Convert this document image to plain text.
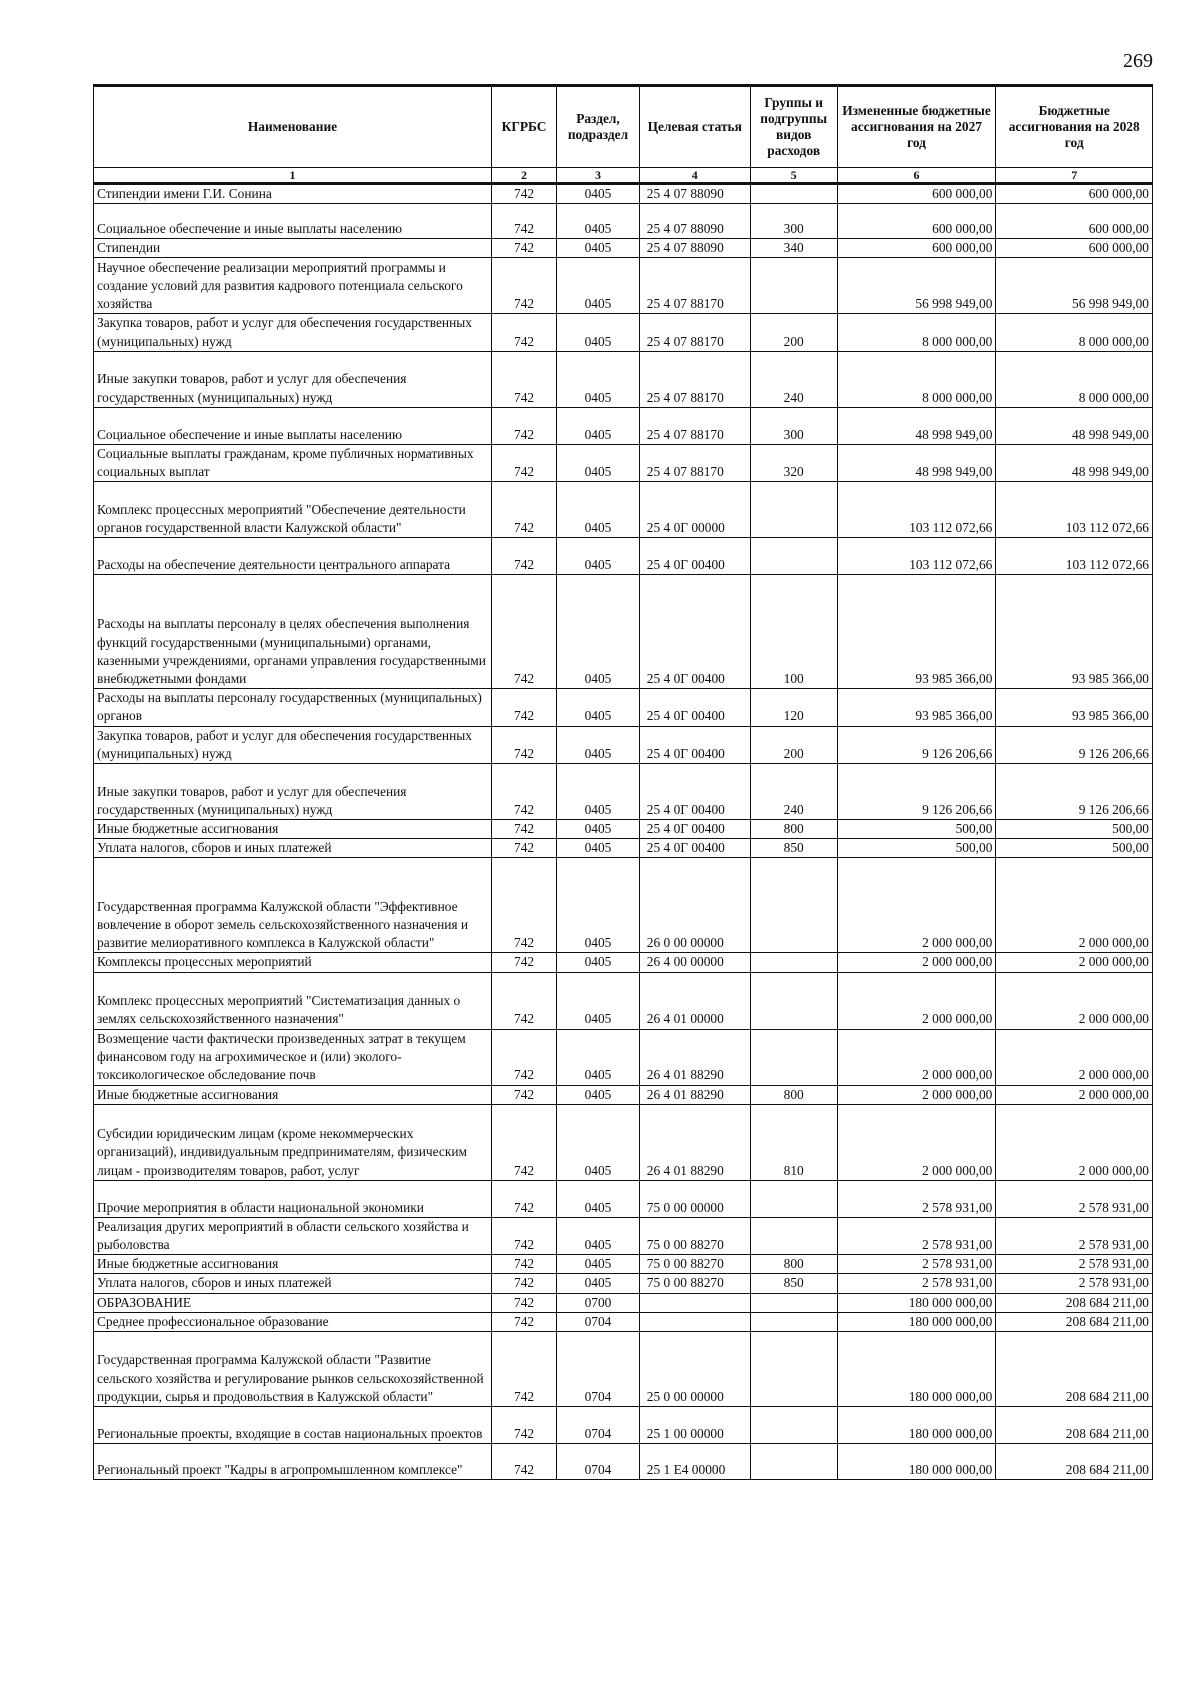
269
Наименование	КГРБС	Раздел, подраздел	Целевая статья	Группы и подгруппы видов расходов	Измененные бюджетные ассигнования на 2027 год	Бюджетные ассигнования на 2028 год
1	2	3	4	5	6	7
Стипендии имени Г.И. Сонина	742	0405	25 4 07 88090		600 000,00	600 000,00
Социальное обеспечение и иные выплаты населению	742	0405	25 4 07 88090	300	600 000,00	600 000,00
Стипендии	742	0405	25 4 07 88090	340	600 000,00	600 000,00
Научное обеспечение реализации мероприятий программы и создание условий для развития кадрового потенциала сельского хозяйства	742	0405	25 4 07 88170		56 998 949,00	56 998 949,00
Закупка товаров, работ и услуг для обеспечения государственных (муниципальных) нужд	742	0405	25 4 07 88170	200	8 000 000,00	8 000 000,00
Иные закупки товаров, работ и услуг для обеспечения государственных (муниципальных) нужд	742	0405	25 4 07 88170	240	8 000 000,00	8 000 000,00
Социальное обеспечение и иные выплаты населению	742	0405	25 4 07 88170	300	48 998 949,00	48 998 949,00
Социальные выплаты гражданам, кроме публичных нормативных социальных выплат	742	0405	25 4 07 88170	320	48 998 949,00	48 998 949,00
Комплекс процессных мероприятий "Обеспечение деятельности органов государственной власти Калужской области"	742	0405	25 4 0Г 00000		103 112 072,66	103 112 072,66
Расходы на обеспечение деятельности центрального аппарата	742	0405	25 4 0Г 00400		103 112 072,66	103 112 072,66
Расходы на выплаты персоналу в целях обеспечения выполнения функций государственными (муниципальными) органами, казенными учреждениями, органами управления государственными внебюджетными фондами	742	0405	25 4 0Г 00400	100	93 985 366,00	93 985 366,00
Расходы на выплаты персоналу государственных (муниципальных) органов	742	0405	25 4 0Г 00400	120	93 985 366,00	93 985 366,00
Закупка товаров, работ и услуг для обеспечения государственных (муниципальных) нужд	742	0405	25 4 0Г 00400	200	9 126 206,66	9 126 206,66
Иные закупки товаров, работ и услуг для обеспечения государственных (муниципальных) нужд	742	0405	25 4 0Г 00400	240	9 126 206,66	9 126 206,66
Иные бюджетные ассигнования	742	0405	25 4 0Г 00400	800	500,00	500,00
Уплата налогов, сборов и иных платежей	742	0405	25 4 0Г 00400	850	500,00	500,00
Государственная программа Калужской области "Эффективное вовлечение в оборот земель сельскохозяйственного назначения и развитие мелиоративного комплекса в Калужской области"	742	0405	26 0 00 00000		2 000 000,00	2 000 000,00
Комплексы процессных мероприятий	742	0405	26 4 00 00000		2 000 000,00	2 000 000,00
Комплекс процессных мероприятий "Систематизация данных о землях сельскохозяйственного назначения"	742	0405	26 4 01 00000		2 000 000,00	2 000 000,00
Возмещение части фактически произведенных затрат в текущем финансовом году на агрохимическое и (или) эколого-токсикологическое обследование почв	742	0405	26 4 01 88290		2 000 000,00	2 000 000,00
Иные бюджетные ассигнования	742	0405	26 4 01 88290	800	2 000 000,00	2 000 000,00
Субсидии юридическим лицам (кроме некоммерческих организаций), индивидуальным предпринимателям, физическим лицам - производителям товаров, работ, услуг	742	0405	26 4 01 88290	810	2 000 000,00	2 000 000,00
Прочие мероприятия в области национальной экономики	742	0405	75 0 00 00000		2 578 931,00	2 578 931,00
Реализация других мероприятий в области сельского хозяйства и рыболовства	742	0405	75 0 00 88270		2 578 931,00	2 578 931,00
Иные бюджетные ассигнования	742	0405	75 0 00 88270	800	2 578 931,00	2 578 931,00
Уплата налогов, сборов и иных платежей	742	0405	75 0 00 88270	850	2 578 931,00	2 578 931,00
ОБРАЗОВАНИЕ	742	0700			180 000 000,00	208 684 211,00
Среднее профессиональное образование	742	0704			180 000 000,00	208 684 211,00
Государственная программа Калужской области "Развитие сельского хозяйства и регулирование рынков сельскохозяйственной продукции, сырья и продовольствия в Калужской области"	742	0704	25 0 00 00000		180 000 000,00	208 684 211,00
Региональные проекты, входящие в состав национальных проектов	742	0704	25 1 00 00000		180 000 000,00	208 684 211,00
Региональный проект "Кадры в агропромышленном комплексе"	742	0704	25 1 Е4 00000		180 000 000,00	208 684 211,00
